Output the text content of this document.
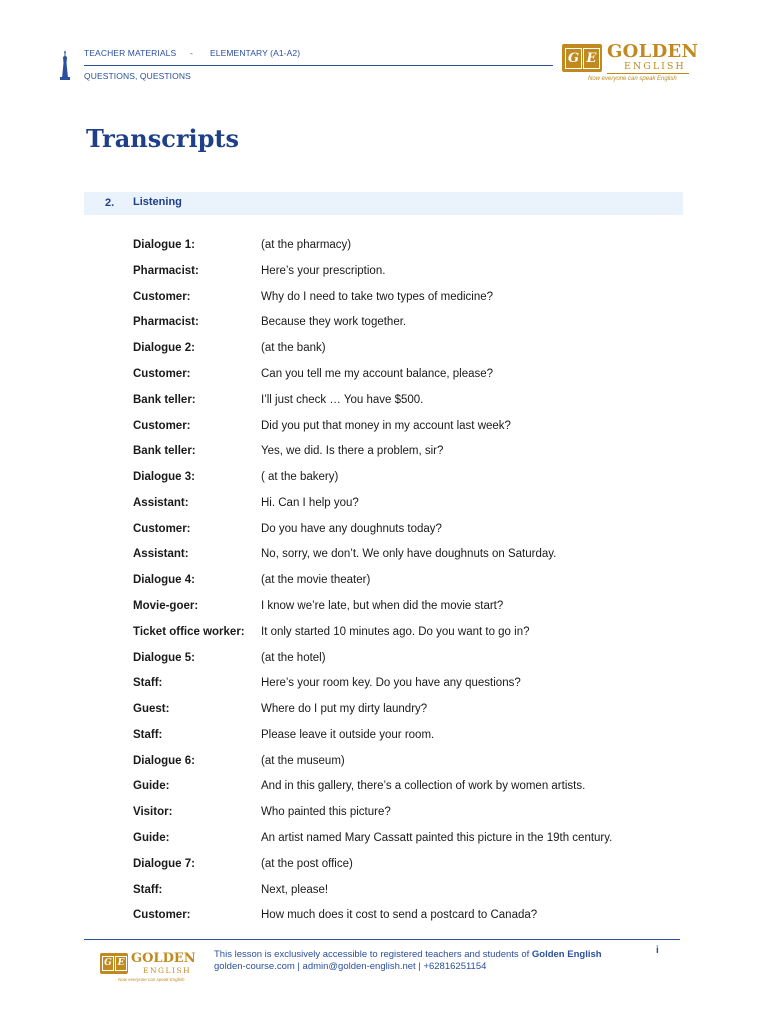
TEACHER MATERIALS - ELEMENTARY (A1-A2)
QUESTIONS, QUESTIONS
G E GOLDEN
ENGLISH
Now everyone can speak English
Transcripts
2. Listening
Dialogue 1:	(at the pharmacy)
Pharmacist:	Here’s your prescription.
Customer:	Why do I need to take two types of medicine?
Pharmacist:	Because they work together.
Dialogue 2:	(at the bank)
Customer:	Can you tell me my account balance, please?
Bank teller:	I’ll just check … You have $500.
Customer:	Did you put that money in my account last week?
Bank teller:	Yes, we did. Is there a problem, sir?
Dialogue 3:	( at the bakery)
Assistant:	Hi. Can I help you?
Customer:	Do you have any doughnuts today?
Assistant:	No, sorry, we don’t. We only have doughnuts on Saturday.
Dialogue 4:	(at the movie theater)
Movie-goer:	I know we’re late, but when did the movie start?
Ticket office worker: It only started 10 minutes ago. Do you want to go in?
Dialogue 5:	(at the hotel)
Staff:	Here’s your room key. Do you have any questions?
Guest:	Where do I put my dirty laundry?
Staff:	Please leave it outside your room.
Dialogue 6:	(at the museum)
Guide:	And in this gallery, there’s a collection of work by women artists.
Visitor:	Who painted this picture?
Guide:	An artist named Mary Cassatt painted this picture in the 19th century.
Dialogue 7:	(at the post office)
Staff:	Next, please!
Customer:	How much does it cost to send a postcard to Canada?
G E GOLDEN
ENGLISH
Now everyone can speak English
This lesson is exclusively accessible to registered teachers and students of Golden English
golden-course.com | admin@golden-english.net | +62816251154
i
